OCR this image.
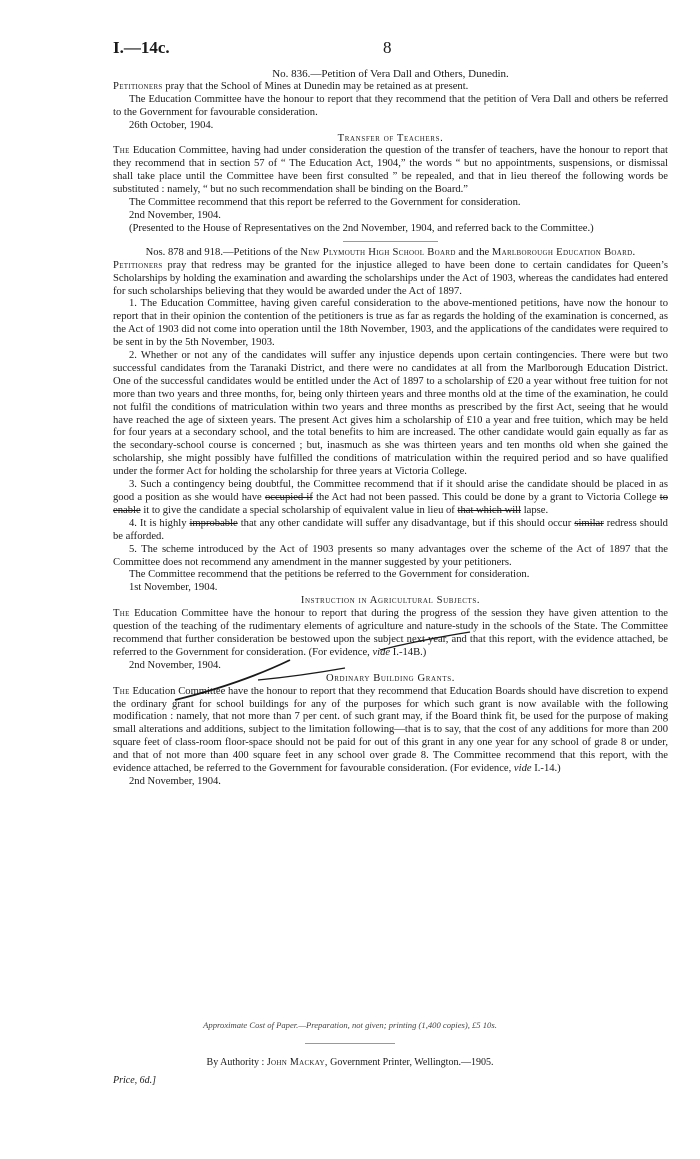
I.—14c.	8

No. 836.—Petition of Vera Dall and Others, Dunedin.

Petitioners pray that the School of Mines at Dunedin may be retained as at present.

The Education Committee have the honour to report that they recommend that the petition of Vera Dall and others be referred to the Government for favourable consideration.

26th October, 1904.

Transfer of Teachers.

The Education Committee, having had under consideration the question of the transfer of teachers, have the honour to report that they recommend that in section 57 of “ The Education Act, 1904,” the words “ but no appointments, suspensions, or dismissal shall take place until the Committee have been first consulted ” be repealed, and that in lieu thereof the following words be substituted : namely, “ but no such recommendation shall be binding on the Board.”

The Committee recommend that this report be referred to the Government for consideration.

2nd November, 1904.

(Presented to the House of Representatives on the 2nd November, 1904, and referred back to the Committee.)

Nos. 878 and 918.—Petitions of the New Plymouth High School Board and the Marlborough Education Board.

Petitioners pray that redress may be granted for the injustice alleged to have been done to certain candidates for Queen’s Scholarships by holding the examination and awarding the scholarships under the Act of 1903, whereas the candidates had entered for such scholarships believing that they would be awarded under the Act of 1897.

1. The Education Committee, having given careful consideration to the above-mentioned petitions, have now the honour to report that in their opinion the contention of the petitioners is true as far as regards the holding of the examination is concerned, as the Act of 1903 did not come into operation until the 18th November, 1903, and the applications of the candidates were required to be sent in by the 5th November, 1903.

2. Whether or not any of the candidates will suffer any injustice depends upon certain contingencies. There were but two successful candidates from the Taranaki District, and there were no candidates at all from the Marlborough Education District. One of the successful candidates would be entitled under the Act of 1897 to a scholarship of £20 a year without free tuition for not more than two years and three months, for, being only thirteen years and three months old at the time of the examination, he could not fulfil the conditions of matriculation within two years and three months as prescribed by the first Act, seeing that he would have reached the age of sixteen years. The present Act gives him a scholarship of £10 a year and free tuition, which may be held for four years at a secondary school, and the total benefits to him are increased. The other candidate would gain equally as far as the secondary-school course is concerned ; but, inasmuch as she was thirteen years and ten months old when she gained the scholarship, she might possibly have fulfilled the conditions of matriculation within the required period and so have qualified under the former Act for holding the scholarship for three years at Victoria College.

3. Such a contingency being doubtful, the Committee recommend that if it should arise the candidate should be placed in as good a position as she would have occupied if the Act had not been passed. This could be done by a grant to Victoria College to enable it to give the candidate a special scholarship of equivalent value in lieu of that which will lapse.

4. It is highly improbable that any other candidate will suffer any disadvantage, but if this should occur similar redress should be afforded.

5. The scheme introduced by the Act of 1903 presents so many advantages over the scheme of the Act of 1897 that the Committee does not recommend any amendment in the manner suggested by your petitioners.

The Committee recommend that the petitions be referred to the Government for consideration.

1st November, 1904.

Instruction in Agricultural Subjects.

The Education Committee have the honour to report that during the progress of the session they have given attention to the question of the teaching of the rudimentary elements of agriculture and nature-study in the schools of the State. The Committee recommend that further consideration be bestowed upon the subject next year, and that this report, with the evidence attached, be referred to the Government for consideration. (For evidence, vide I.-14B.)

2nd November, 1904.

Ordinary Building Grants.

The Education Committee have the honour to report that they recommend that Education Boards should have discretion to expend the ordinary grant for school buildings for any of the purposes for which such grant is now available with the following modification : namely, that not more than 7 per cent. of such grant may, if the Board think fit, be used for the purpose of making small alterations and additions, subject to the limitation following—that is to say, that the cost of any additions for more than 200 square feet of class-room floor-space should not be paid for out of this grant in any one year for any school of grade 8 or under, and that of not more than 400 square feet in any school over grade 8. The Committee recommend that this report, with the evidence attached, be referred to the Government for favourable consideration. (For evidence, vide I.-14.)

2nd November, 1904.

Approximate Cost of Paper.—Preparation, not given; printing (1,400 copies), £5 10s.
By Authority : John Mackay, Government Printer, Wellington.—1905.
Price, 6d.]
